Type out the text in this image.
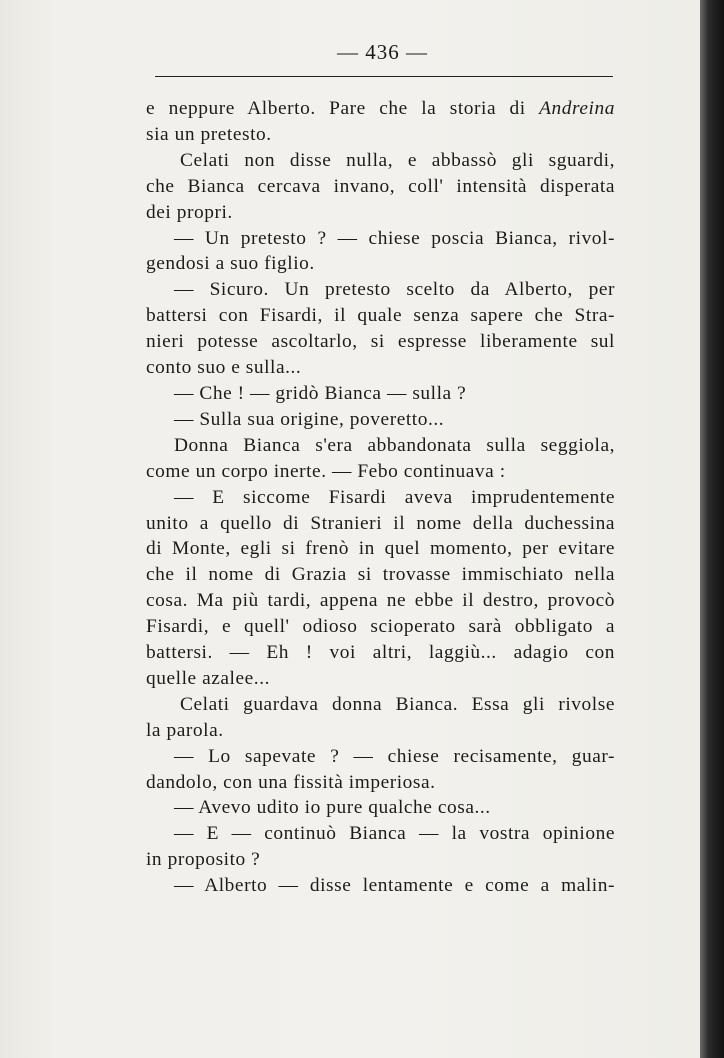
— 436 —
e neppure Alberto. Pare che la storia di Andreina
sia un pretesto.
Celati non disse nulla, e abbassò gli sguardi,
che Bianca cercava invano, coll' intensità disperata
dei propri.
— Un pretesto ? — chiese poscia Bianca, rivol-
gendosi a suo figlio.
— Sicuro. Un pretesto scelto da Alberto, per
battersi con Fisardi, il quale senza sapere che Stra-
nieri potesse ascoltarlo, si espresse liberamente sul
conto suo e sulla...
— Che ! — gridò Bianca — sulla ?
— Sulla sua origine, poveretto...
Donna Bianca s'era abbandonata sulla seggiola,
come un corpo inerte. — Febo continuava :
— E siccome Fisardi aveva imprudentemente
unito a quello di Stranieri il nome della duchessina
di Monte, egli si frenò in quel momento, per evitare
che il nome di Grazia si trovasse immischiato nella
cosa. Ma più tardi, appena ne ebbe il destro, provocò
Fisardi, e quell' odioso scioperato sarà obbligato a
battersi. — Eh ! voi altri, laggiù... adagio con
quelle azalee...
Celati guardava donna Bianca. Essa gli rivolse
la parola.
— Lo sapevate ? — chiese recisamente, guar-
dandolo, con una fissità imperiosa.
— Avevo udito io pure qualche cosa...
— E — continuò Bianca — la vostra opinione
in proposito ?
— Alberto — disse lentamente e come a malin-
